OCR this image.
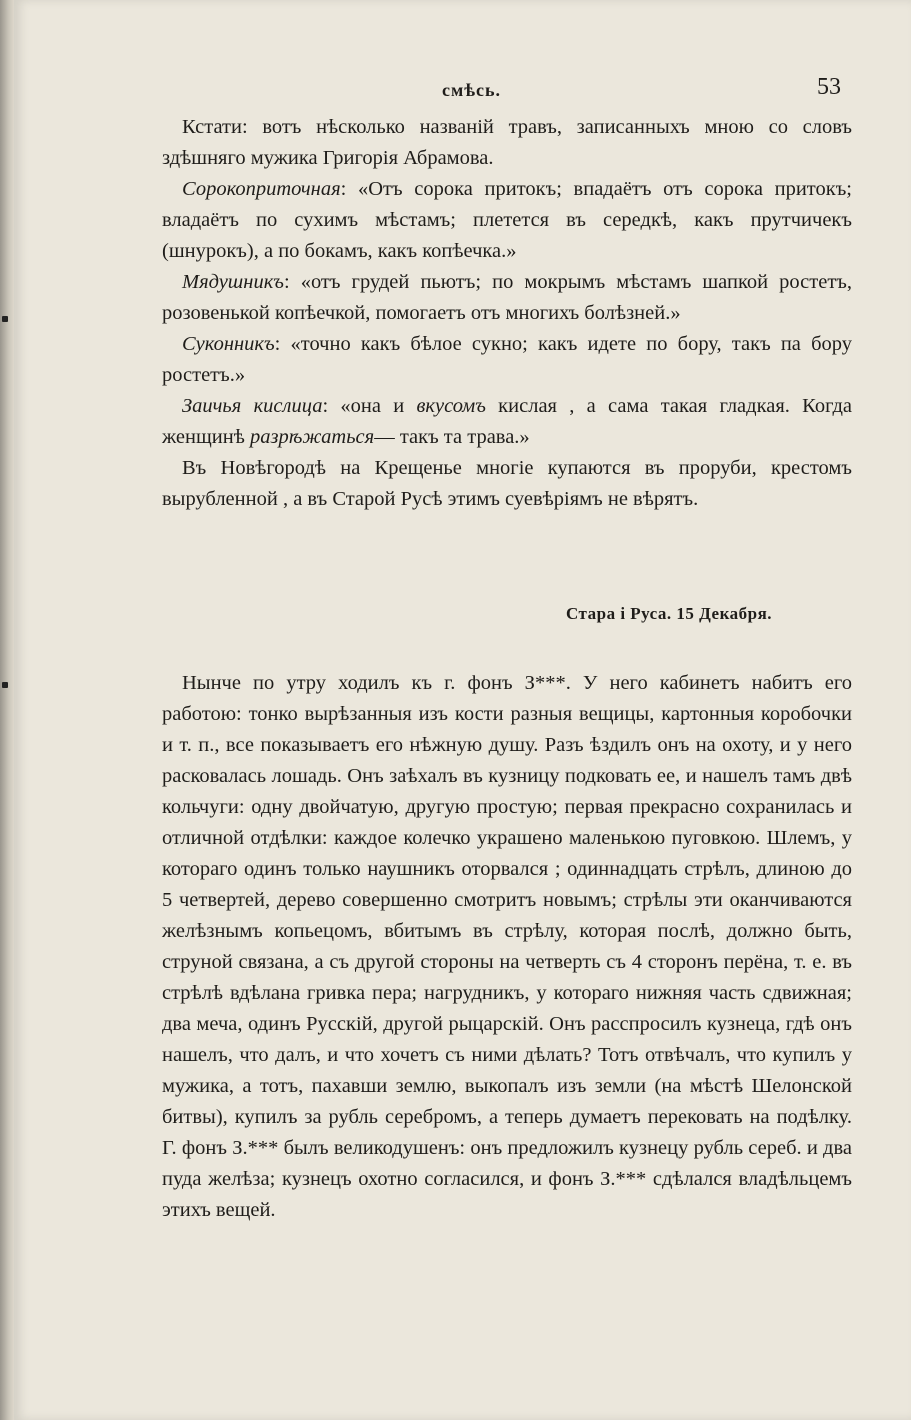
смѣсь.	53

Кстати: вотъ нѣсколько названiй травъ, записанныхъ мною со словъ здѣшняго мужика Григорія Абрамова.

Сорокоприточная: «Отъ сорока притокъ; впадаётъ отъ сорока притокъ; владаётъ по сухимъ мѣстамъ; плетется въ середкѣ, какъ прутчичекъ (шнурокъ), а по бокамъ, какъ копѣечка.»

Мядушникъ: «отъ грудей пьютъ; по мокрымъ мѣстамъ шапкой ростетъ, розовенькой копѣечкой, помогаетъ отъ многихъ болѣзней.»

Суконникъ: «точно какъ бѣлое сукно; какъ идете по бору, такъ па бору ростетъ.»

Заичья кислица: «она и вкусомъ кислая , а сама такая гладкая. Когда женщинѣ разрѣжаться— такъ та трава.»

Въ Новѣгородѣ на Крещенье многіе купаются въ проруби, крестомъ вырубленной , а въ Старой Русѣ этимъ суевѣріямъ не вѣрятъ.

Стара і Руса. 15 Декабря.

Нынче по утру ходилъ къ г. фонъ З***. У него кабинетъ набитъ его работою: тонко вырѣзанныя изъ кости разныя вещицы, картонныя коробочки и т. п., все показываетъ его нѣжную душу. Разъ ѣздилъ онъ на охоту, и у него расковалась лошадь. Онъ заѣхалъ въ кузницу подковать ее, и нашелъ тамъ двѣ кольчуги: одну двойчатую, другую простую; первая прекрасно сохранилась и отличной отдѣлки: каждое колечко украшено маленькою пуговкою. Шлемъ, у котораго одинъ только наушникъ оторвался ; одиннадцать стрѣлъ, длиною до 5 четвертей, дерево совершенно смотритъ новымъ; стрѣлы эти оканчиваются желѣзнымъ копьецомъ, вбитымъ въ стрѣлу, которая послѣ, должно быть, струной связана, а съ другой стороны на четверть съ 4 сторонъ перёна, т. е. въ стрѣлѣ вдѣлана гривка пера; нагрудникъ, у котораго нижняя часть сдвижная; два меча, одинъ Русскій, другой рыцарскій. Онъ расспросилъ кузнеца, гдѣ онъ нашелъ, что далъ, и что хочетъ съ ними дѣлать? Тотъ отвѣчалъ, что купилъ у мужика, а тотъ, пахавши землю, выкопалъ изъ земли (на мѣстѣ Шелонской битвы), купилъ за рубль серебромъ, а теперь думаетъ перековать на подѣлку. Г. фонъ З.*** былъ великодушенъ: онъ предложилъ кузнецу рубль сереб. и два пуда желѣза; кузнецъ охотно согласился, и фонъ З.*** сдѣлался владѣльцемъ этихъ вещей.
